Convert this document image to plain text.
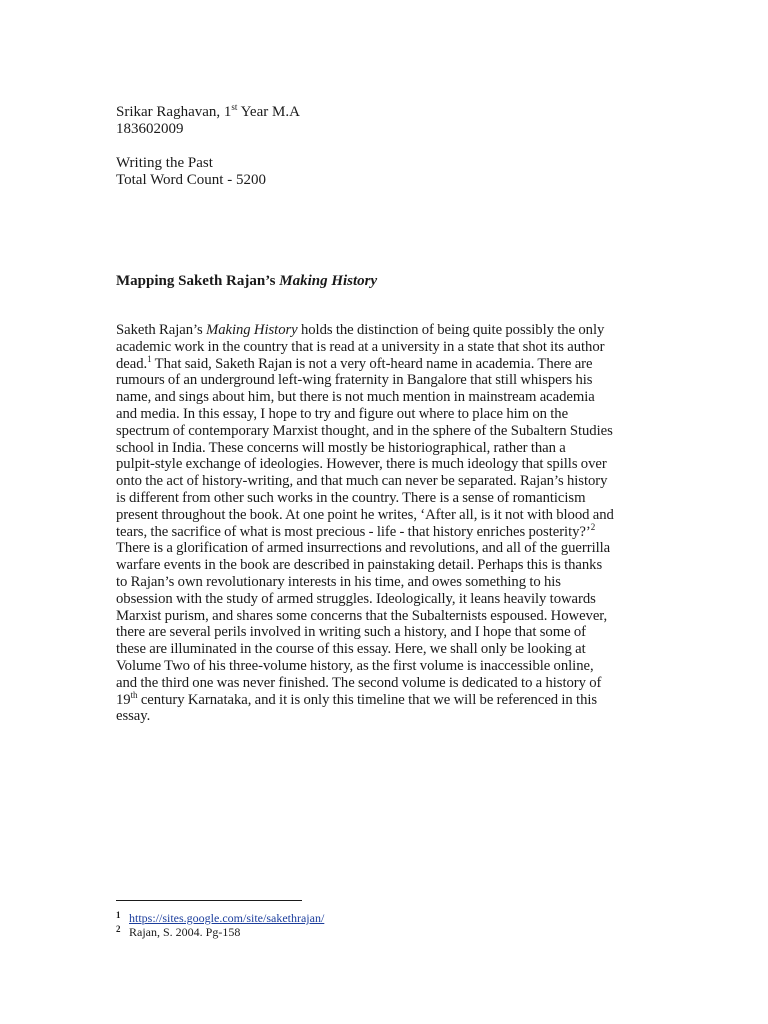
Srikar Raghavan, 1st Year M.A
183602009
Writing the Past
Total Word Count - 5200
Mapping Saketh Rajan’s Making History
Saketh Rajan’s Making History holds the distinction of being quite possibly the only
academic work in the country that is read at a university in a state that shot its author
dead.$^1$ That said, Saketh Rajan is not a very oft-heard name in academia. There are
rumours of an underground left-wing fraternity in Bangalore that still whispers his
name, and sings about him, but there is not much mention in mainstream academia
and media. In this essay, I hope to try and figure out where to place him on the
spectrum of contemporary Marxist thought, and in the sphere of the Subaltern Studies
school in India. These concerns will mostly be historiographical, rather than a
pulpit-style exchange of ideologies. However, there is much ideology that spills over
onto the act of history-writing, and that much can never be separated. Rajan’s history
is different from other such works in the country. There is a sense of romanticism
present throughout the book. At one point he writes, ‘After all, is it not with blood and
tears, the sacrifice of what is most precious - life - that history enriches posterity?’$^2$
There is a glorification of armed insurrections and revolutions, and all of the guerrilla
warfare events in the book are described in painstaking detail. Perhaps this is thanks
to Rajan’s own revolutionary interests in his time, and owes something to his
obsession with the study of armed struggles. Ideologically, it leans heavily towards
Marxist purism, and shares some concerns that the Subalternists espoused. However,
there are several perils involved in writing such a history, and I hope that some of
these are illuminated in the course of this essay. Here, we shall only be looking at
Volume Two of his three-volume history, as the first volume is inaccessible online,
and the third one was never finished. The second volume is dedicated to a history of
19th century Karnataka, and it is only this timeline that we will be referenced in this
essay.
1 https://sites.google.com/site/sakethrajan/
2 Rajan, S. 2004. Pg-158
